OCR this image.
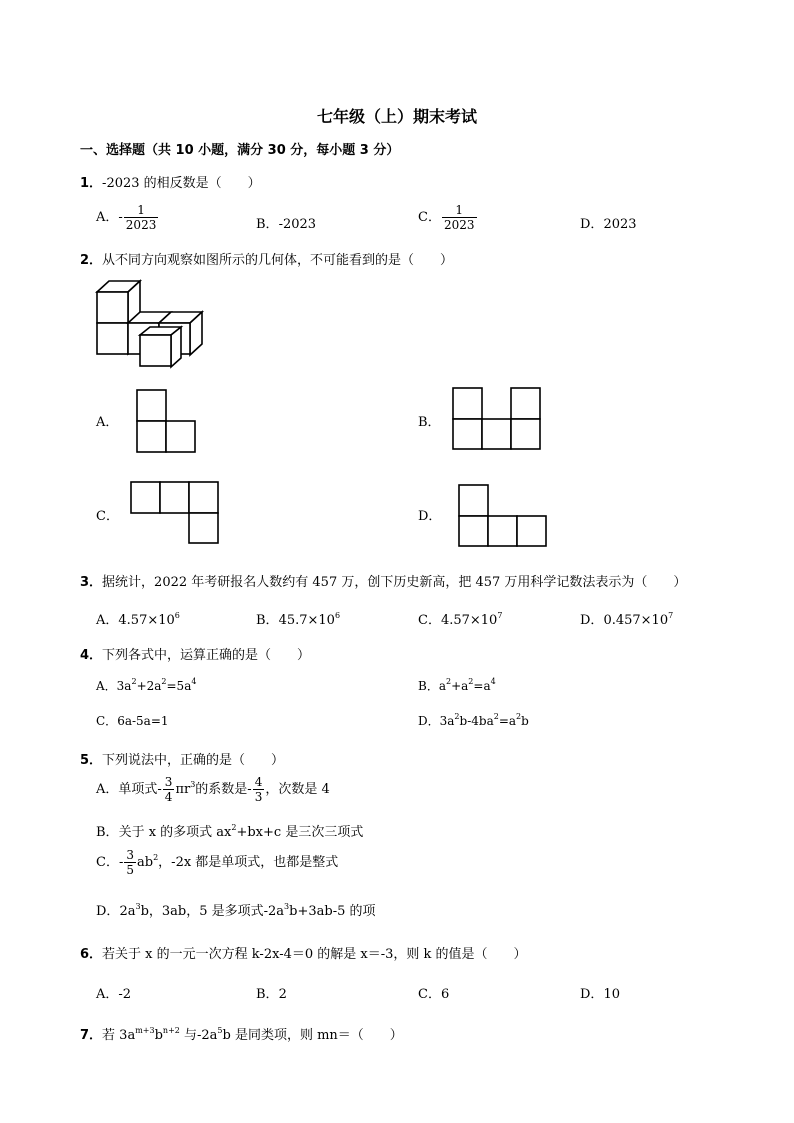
七年级（上）期末考试
一、选择题（共 10 小题，满分 30 分，每小题 3 分）
1．-2023 的相反数是（　　）
A．- $\frac{1}{2023}$	B．-2023	C． $\frac{1}{2023}$	D．2023
2．从不同方向观察如图所示的几何体，不可能看到的是（　　）
A．	B．
C．	D．
3．据统计，2022 年考研报名人数约有 457 万，创下历史新高，把 457 万用科学记数法表示为（　　）
A．$4.57\times 10^6$	B．$45.7\times 10^6$	C．$4.57\times 10^7$	D．$0.457\times 10^7$
4．下列各式中，运算正确的是（　　）
A．$3a^2+2a^2=5a^4$	B．$a^2+a^2=a^4$
C．6a-5a=1	D．$3a^2b-4ba^2=a^2b$
5．下列说法中，正确的是（　　）
A．单项式- $\frac{3}{4} \pi r^3$的系数是- $\frac{4}{3}$ ，次数是 4
B．关于 x 的多项式 $ax^2+bx+c$ 是三次三项式
C．- $\frac{3}{5} ab^2$，-2x 都是单项式，也都是整式
D．$2a^3b$，3ab，5 是多项式$-2a^3b+3ab-5$ 的项
6．若关于 x 的一元一次方程 k-2x-4＝0 的解是 x＝-3，则 k 的值是（　　）
A．-2	B．2	C．6	D．10
7．若 $3a^{m+3}b^{n+2}$ 与$-2a^5b$ 是同类项，则 mn＝（　　）
